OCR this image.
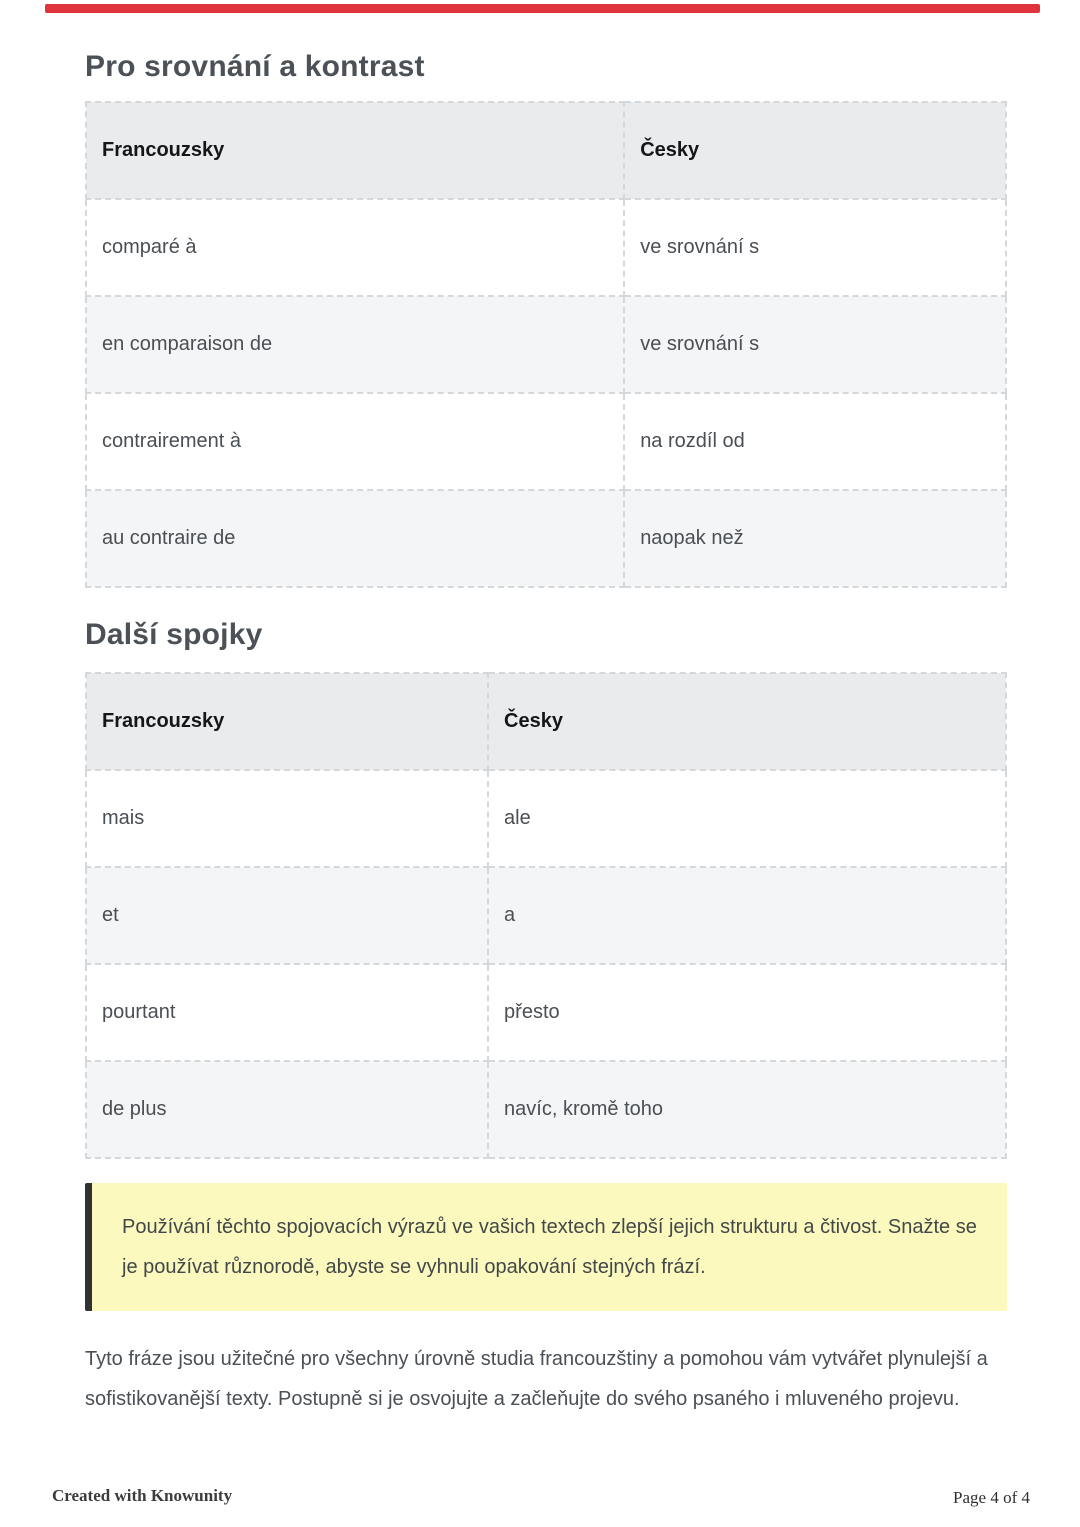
Pro srovnání a kontrast
Francouzsky	Česky
comparé à	ve srovnání s
en comparaison de	ve srovnání s
contrairement à	na rozdíl od
au contraire de	naopak než
Další spojky
Francouzsky	Česky
mais	ale
et	a
pourtant	přesto
de plus	navíc, kromě toho

Používání těchto spojovacích výrazů ve vašich textech zlepší jejich strukturu a čtivost. Snažte se je používat různorodě, abyste se vyhnuli opakování stejných frází.

Tyto fráze jsou užitečné pro všechny úrovně studia francouzštiny a pomohou vám vytvářet plynulejší a sofistikovanější texty. Postupně si je osvojujte a začleňujte do svého psaného i mluveného projevu.

Created with Knowunity	Page 4 of 4
